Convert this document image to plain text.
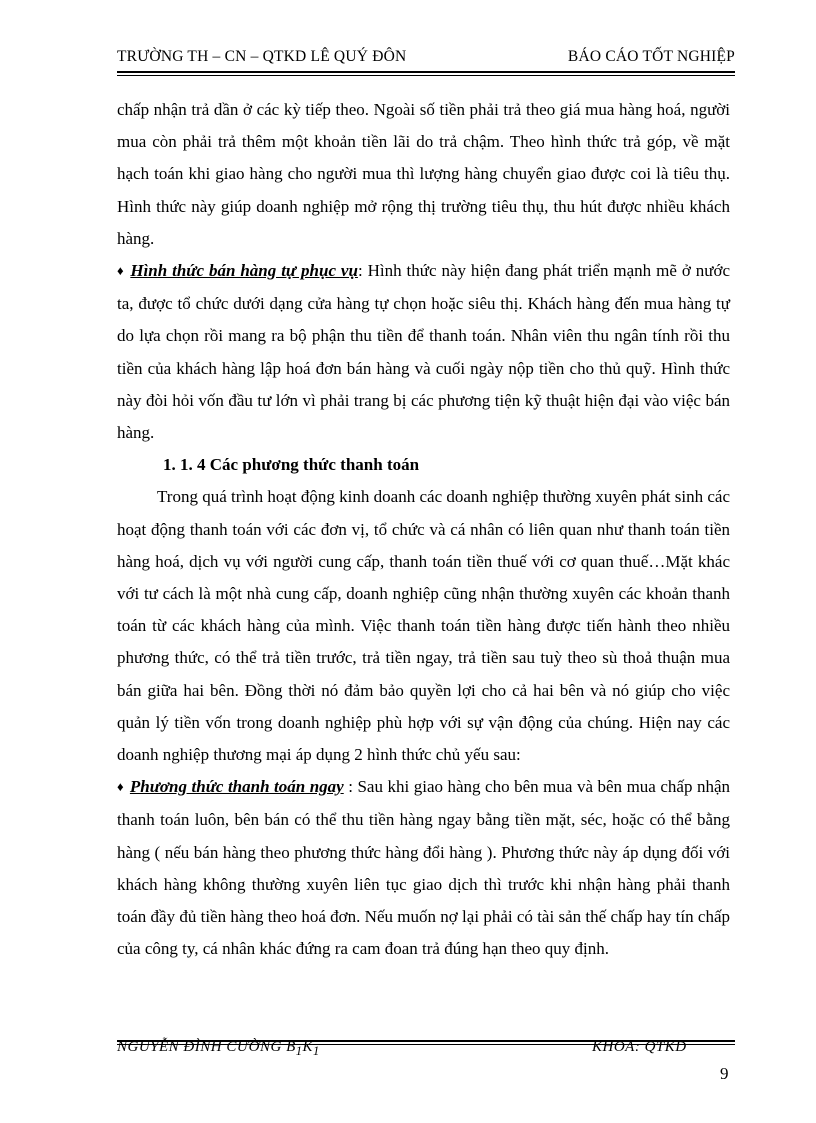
TRƯỜNG TH – CN – QTKD LÊ QUÝ ĐÔN	BÁO CÁO TỐT NGHIỆP

chấp nhận trả dần ở các kỳ tiếp theo. Ngoài số tiền phải trả theo giá mua hàng hoá, người mua còn phải trả thêm một khoản tiền lãi do trả chậm. Theo hình thức trả góp, về mặt hạch toán khi giao hàng cho người mua thì lượng hàng chuyển giao được coi là tiêu thụ. Hình thức này giúp doanh nghiệp mở rộng thị trường tiêu thụ, thu hút được nhiều khách hàng.

♦ Hình thức bán hàng tự phục vụ: Hình thức này hiện đang phát triển mạnh mẽ ở nước ta, được tổ chức dưới dạng cửa hàng tự chọn hoặc siêu thị. Khách hàng đến mua hàng tự do lựa chọn rồi mang ra bộ phận thu tiền để thanh toán. Nhân viên thu ngân tính rồi thu tiền của khách hàng lập hoá đơn bán hàng và cuối ngày nộp tiền cho thủ quỹ. Hình thức này đòi hỏi vốn đầu tư lớn vì phải trang bị các phương tiện kỹ thuật hiện đại vào việc bán hàng.

1. 1. 4 Các phương thức thanh toán

Trong quá trình hoạt động kinh doanh các doanh nghiệp thường xuyên phát sinh các hoạt động thanh toán với các đơn vị, tổ chức và cá nhân có liên quan như thanh toán tiền hàng hoá, dịch vụ với người cung cấp, thanh toán tiền thuế với cơ quan thuế…Mặt khác với tư cách là một nhà cung cấp, doanh nghiệp cũng nhận thường xuyên các khoản thanh toán từ các khách hàng của mình. Việc thanh toán tiền hàng được tiến hành theo nhiều phương thức, có thể trả tiền trước, trả tiền ngay, trả tiền sau tuỳ theo sù thoả thuận mua bán giữa hai bên. Đồng thời nó đảm bảo quyền lợi cho cả hai bên và nó giúp cho việc quản lý tiền vốn trong doanh nghiệp phù hợp với sự vận động của chúng. Hiện nay các doanh nghiệp thương mại áp dụng 2 hình thức chủ yếu sau:

♦ Phương thức thanh toán ngay : Sau khi giao hàng cho bên mua và bên mua chấp nhận thanh toán luôn, bên bán có thể thu tiền hàng ngay bằng tiền mặt, séc, hoặc có thể bằng hàng ( nếu bán hàng theo phương thức hàng đổi hàng ). Phương thức này áp dụng đối với khách hàng không thường xuyên liên tục giao dịch thì trước khi nhận hàng phải thanh toán đầy đủ tiền hàng theo hoá đơn. Nếu muốn nợ lại phải có tài sản thế chấp hay tín chấp của công ty, cá nhân khác đứng ra cam đoan trả đúng hạn theo quy định.

NGUYỄN ĐÌNH CƯỜNG $B_1K_1$	KHOA: QTKD
9
